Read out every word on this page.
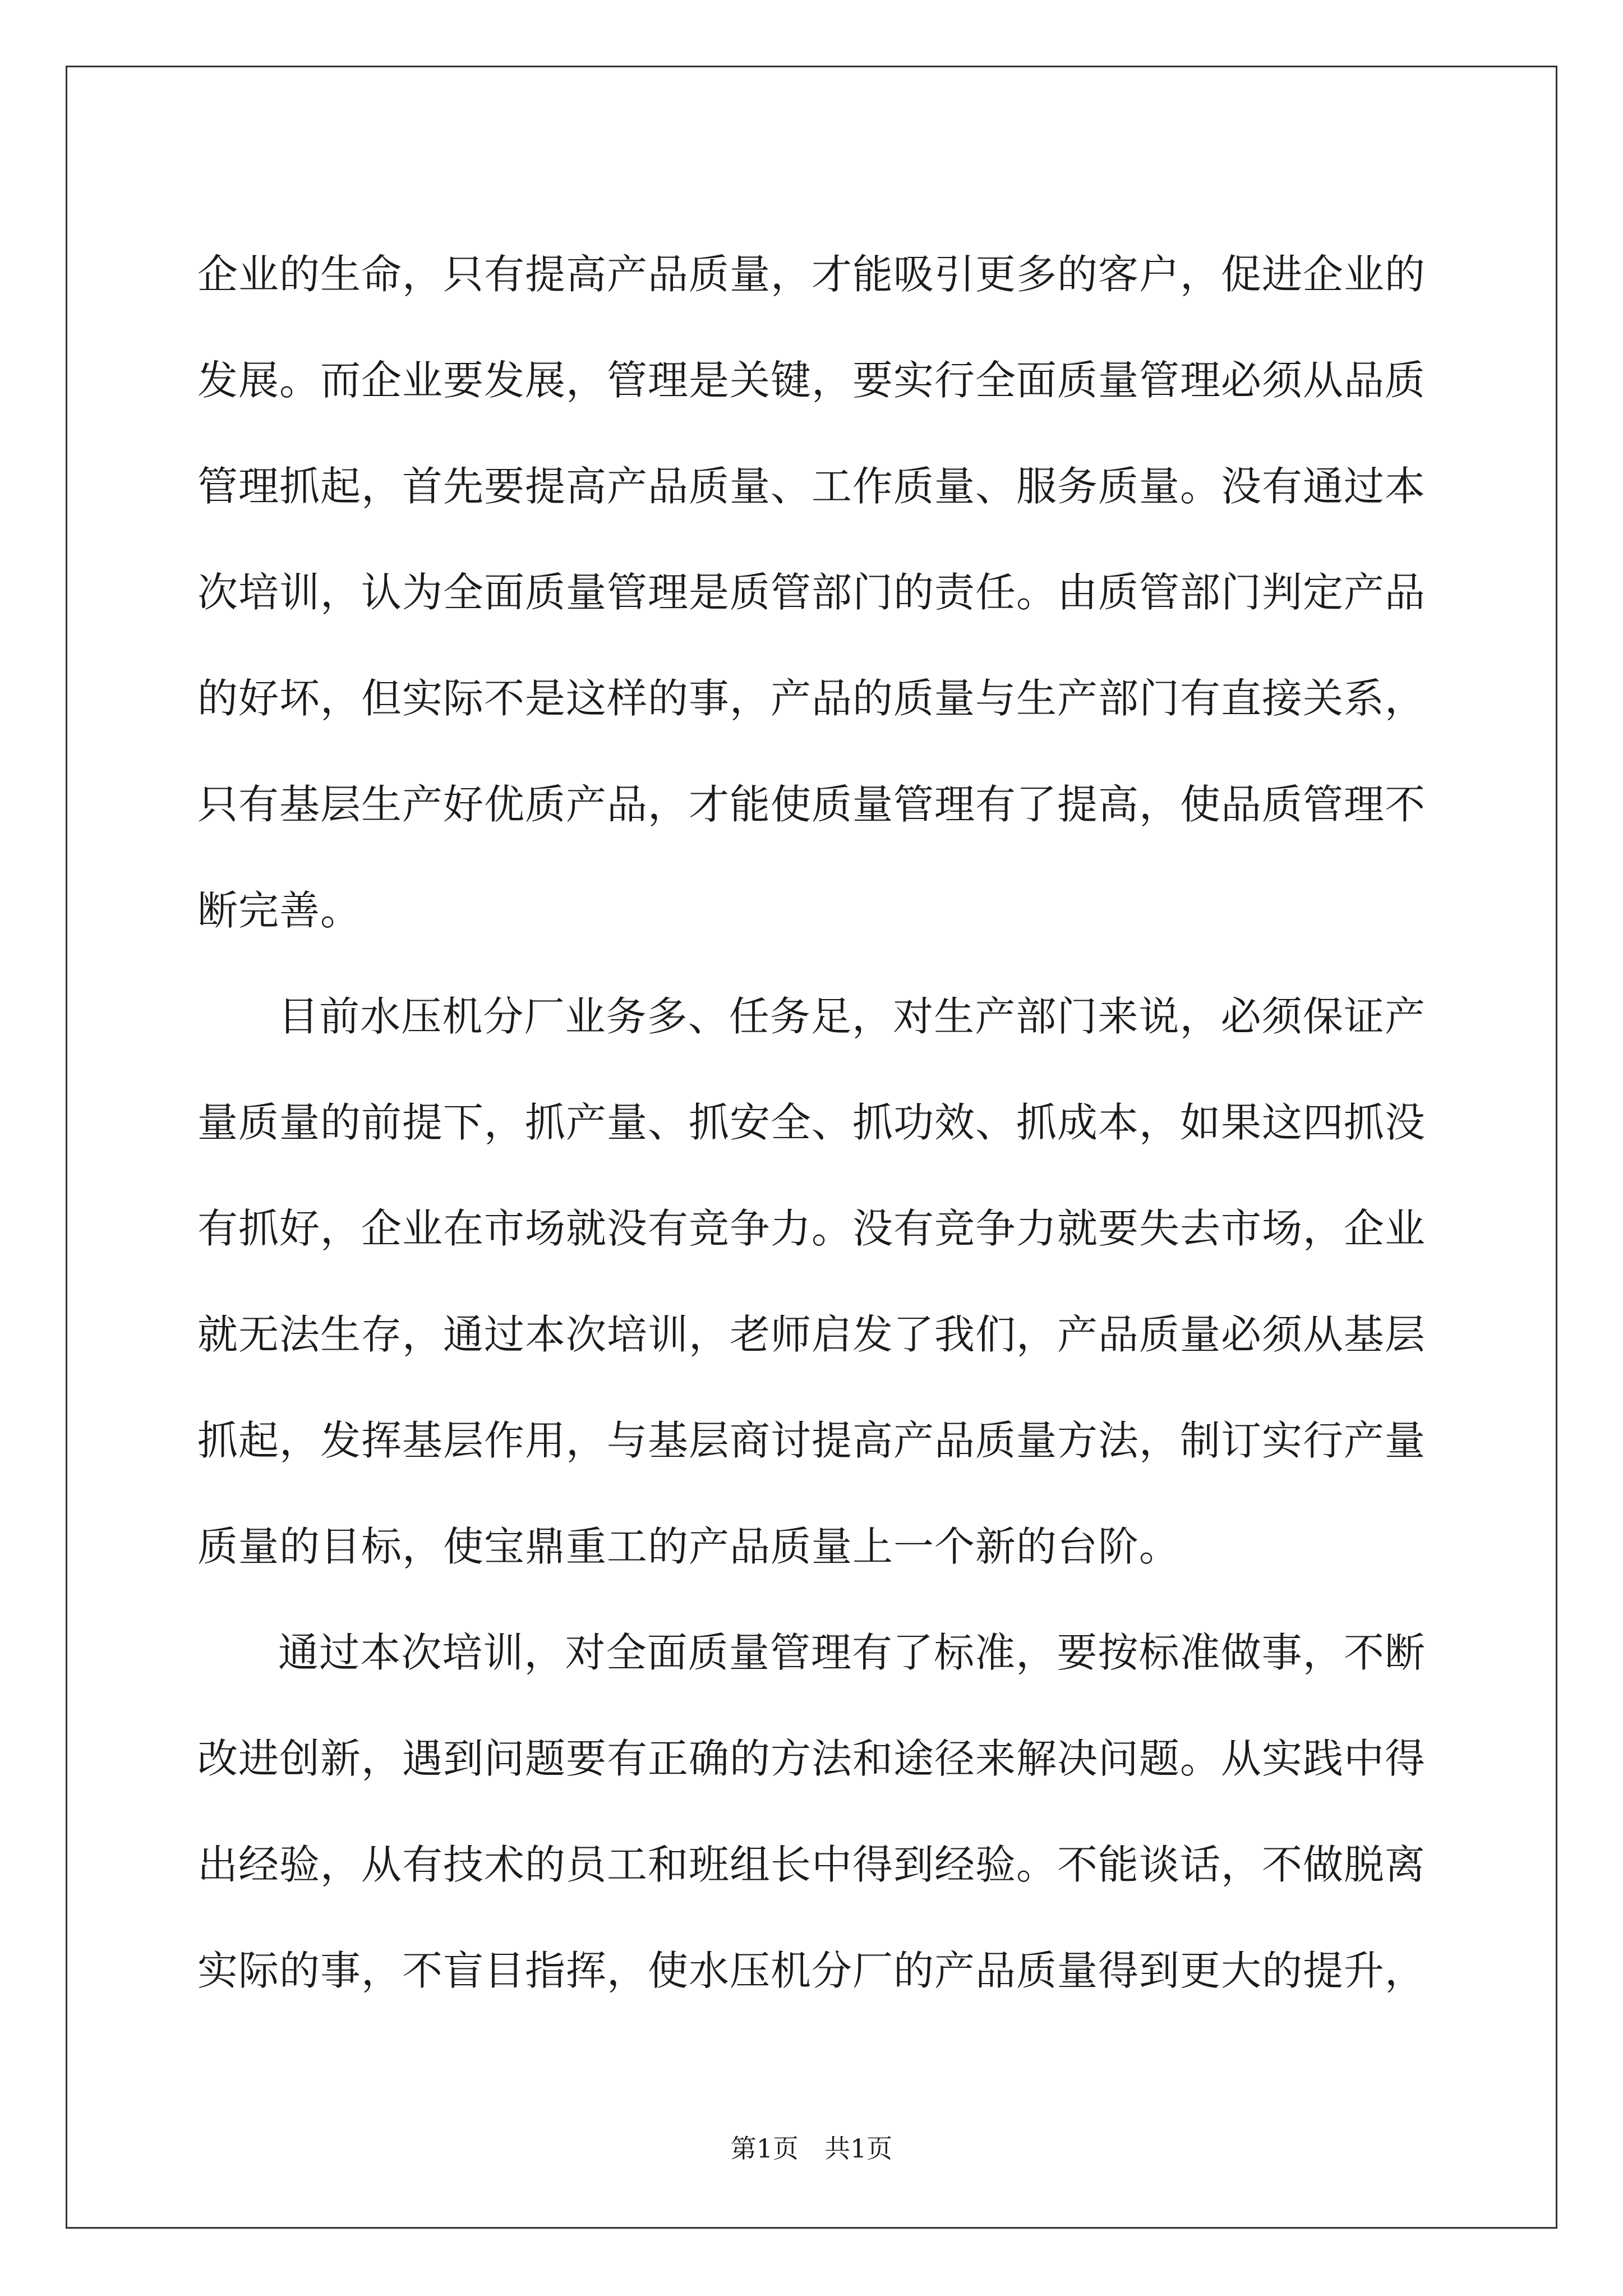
企业的生命，只有提高产品质量，才能吸引更多的客户，促进企业的发展。而企业要发展，管理是关键，要实行全面质量管理必须从品质管理抓起，首先要提高产品质量、工作质量、服务质量。没有通过本次培训，认为全面质量管理是质管部门的责任。由质管部门判定产品的好坏，但实际不是这样的事，产品的质量与生产部门有直接关系，只有基层生产好优质产品，才能使质量管理有了提高，使品质管理不断完善。

目前水压机分厂业务多、任务足，对生产部门来说，必须保证产量质量的前提下，抓产量、抓安全、抓功效、抓成本，如果这四抓没有抓好，企业在市场就没有竞争力。没有竞争力就要失去市场，企业就无法生存，通过本次培训，老师启发了我们，产品质量必须从基层抓起，发挥基层作用，与基层商讨提高产品质量方法，制订实行产量质量的目标，使宝鼎重工的产品质量上一个新的台阶。

通过本次培训，对全面质量管理有了标准，要按标准做事，不断改进创新，遇到问题要有正确的方法和途径来解决问题。从实践中得出经验，从有技术的员工和班组长中得到经验。不能谈话，不做脱离实际的事，不盲目指挥，使水压机分厂的产品质量得到更大的提升，

第1页 共1页
